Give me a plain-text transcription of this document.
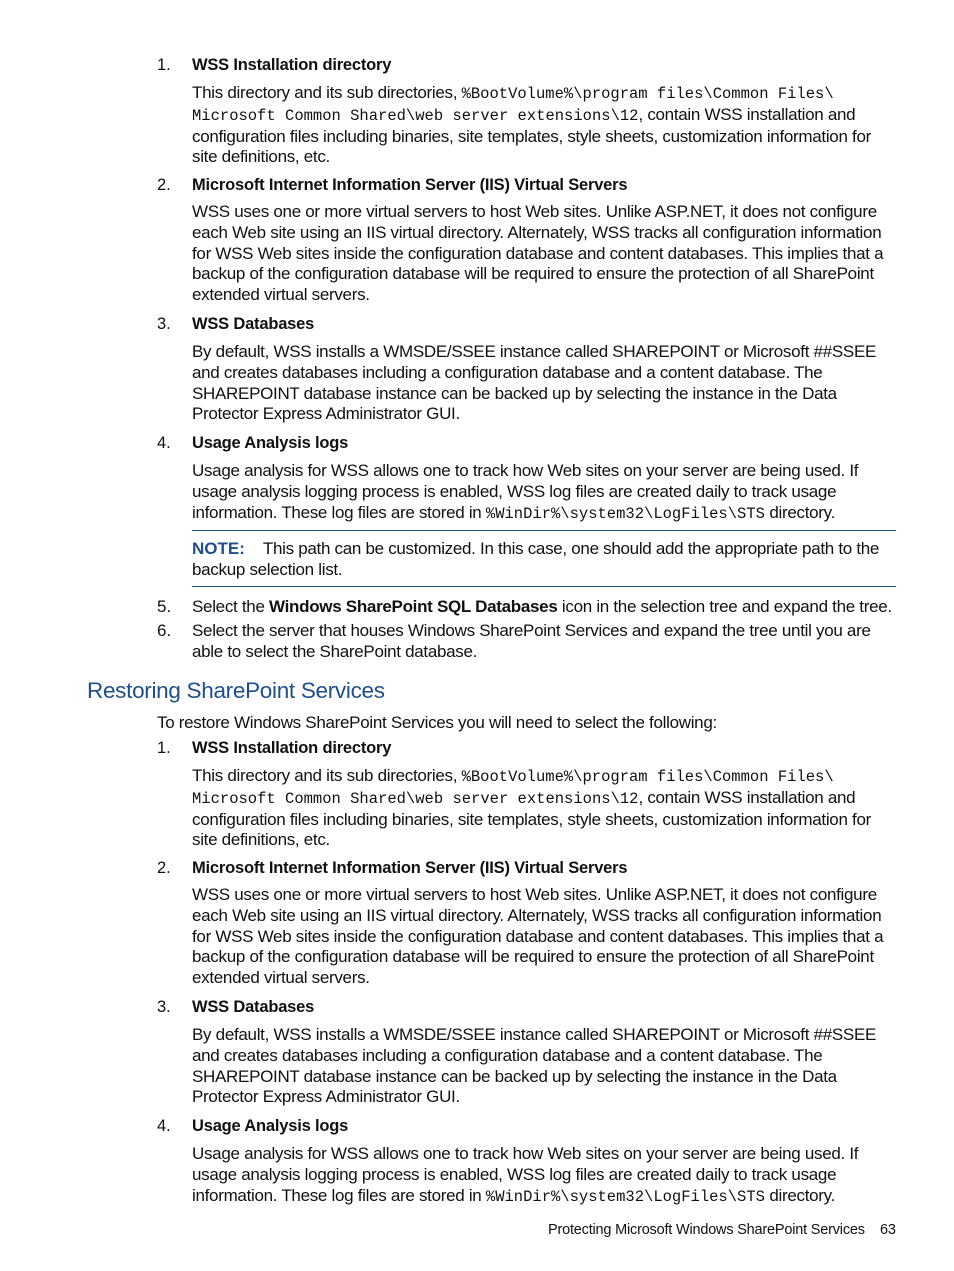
1. WSS Installation directory
This directory and its sub directories, %BootVolume%\program files\Common Files\ Microsoft Common Shared\web server extensions\12, contain WSS installation and configuration files including binaries, site templates, style sheets, customization information for site definitions, etc.
2. Microsoft Internet Information Server (IIS) Virtual Servers
WSS uses one or more virtual servers to host Web sites. Unlike ASP.NET, it does not configure each Web site using an IIS virtual directory. Alternately, WSS tracks all configuration information for WSS Web sites inside the configuration database and content databases. This implies that a backup of the configuration database will be required to ensure the protection of all SharePoint extended virtual servers.
3. WSS Databases
By default, WSS installs a WMSDE/SSEE instance called SHAREPOINT or Microsoft ##SSEE and creates databases including a configuration database and a content database. The SHAREPOINT database instance can be backed up by selecting the instance in the Data Protector Express Administrator GUI.
4. Usage Analysis logs
Usage analysis for WSS allows one to track how Web sites on your server are being used. If usage analysis logging process is enabled, WSS log files are created daily to track usage information. These log files are stored in %WinDir%\system32\LogFiles\STS directory.
NOTE: This path can be customized. In this case, one should add the appropriate path to the backup selection list.
5. Select the Windows SharePoint SQL Databases icon in the selection tree and expand the tree.
6. Select the server that houses Windows SharePoint Services and expand the tree until you are able to select the SharePoint database.
Restoring SharePoint Services
To restore Windows SharePoint Services you will need to select the following:
1. WSS Installation directory
This directory and its sub directories, %BootVolume%\program files\Common Files\ Microsoft Common Shared\web server extensions\12, contain WSS installation and configuration files including binaries, site templates, style sheets, customization information for site definitions, etc.
2. Microsoft Internet Information Server (IIS) Virtual Servers
WSS uses one or more virtual servers to host Web sites. Unlike ASP.NET, it does not configure each Web site using an IIS virtual directory. Alternately, WSS tracks all configuration information for WSS Web sites inside the configuration database and content databases. This implies that a backup of the configuration database will be required to ensure the protection of all SharePoint extended virtual servers.
3. WSS Databases
By default, WSS installs a WMSDE/SSEE instance called SHAREPOINT or Microsoft ##SSEE and creates databases including a configuration database and a content database. The SHAREPOINT database instance can be backed up by selecting the instance in the Data Protector Express Administrator GUI.
4. Usage Analysis logs
Usage analysis for WSS allows one to track how Web sites on your server are being used. If usage analysis logging process is enabled, WSS log files are created daily to track usage information. These log files are stored in %WinDir%\system32\LogFiles\STS directory.
Protecting Microsoft Windows SharePoint Services 63
